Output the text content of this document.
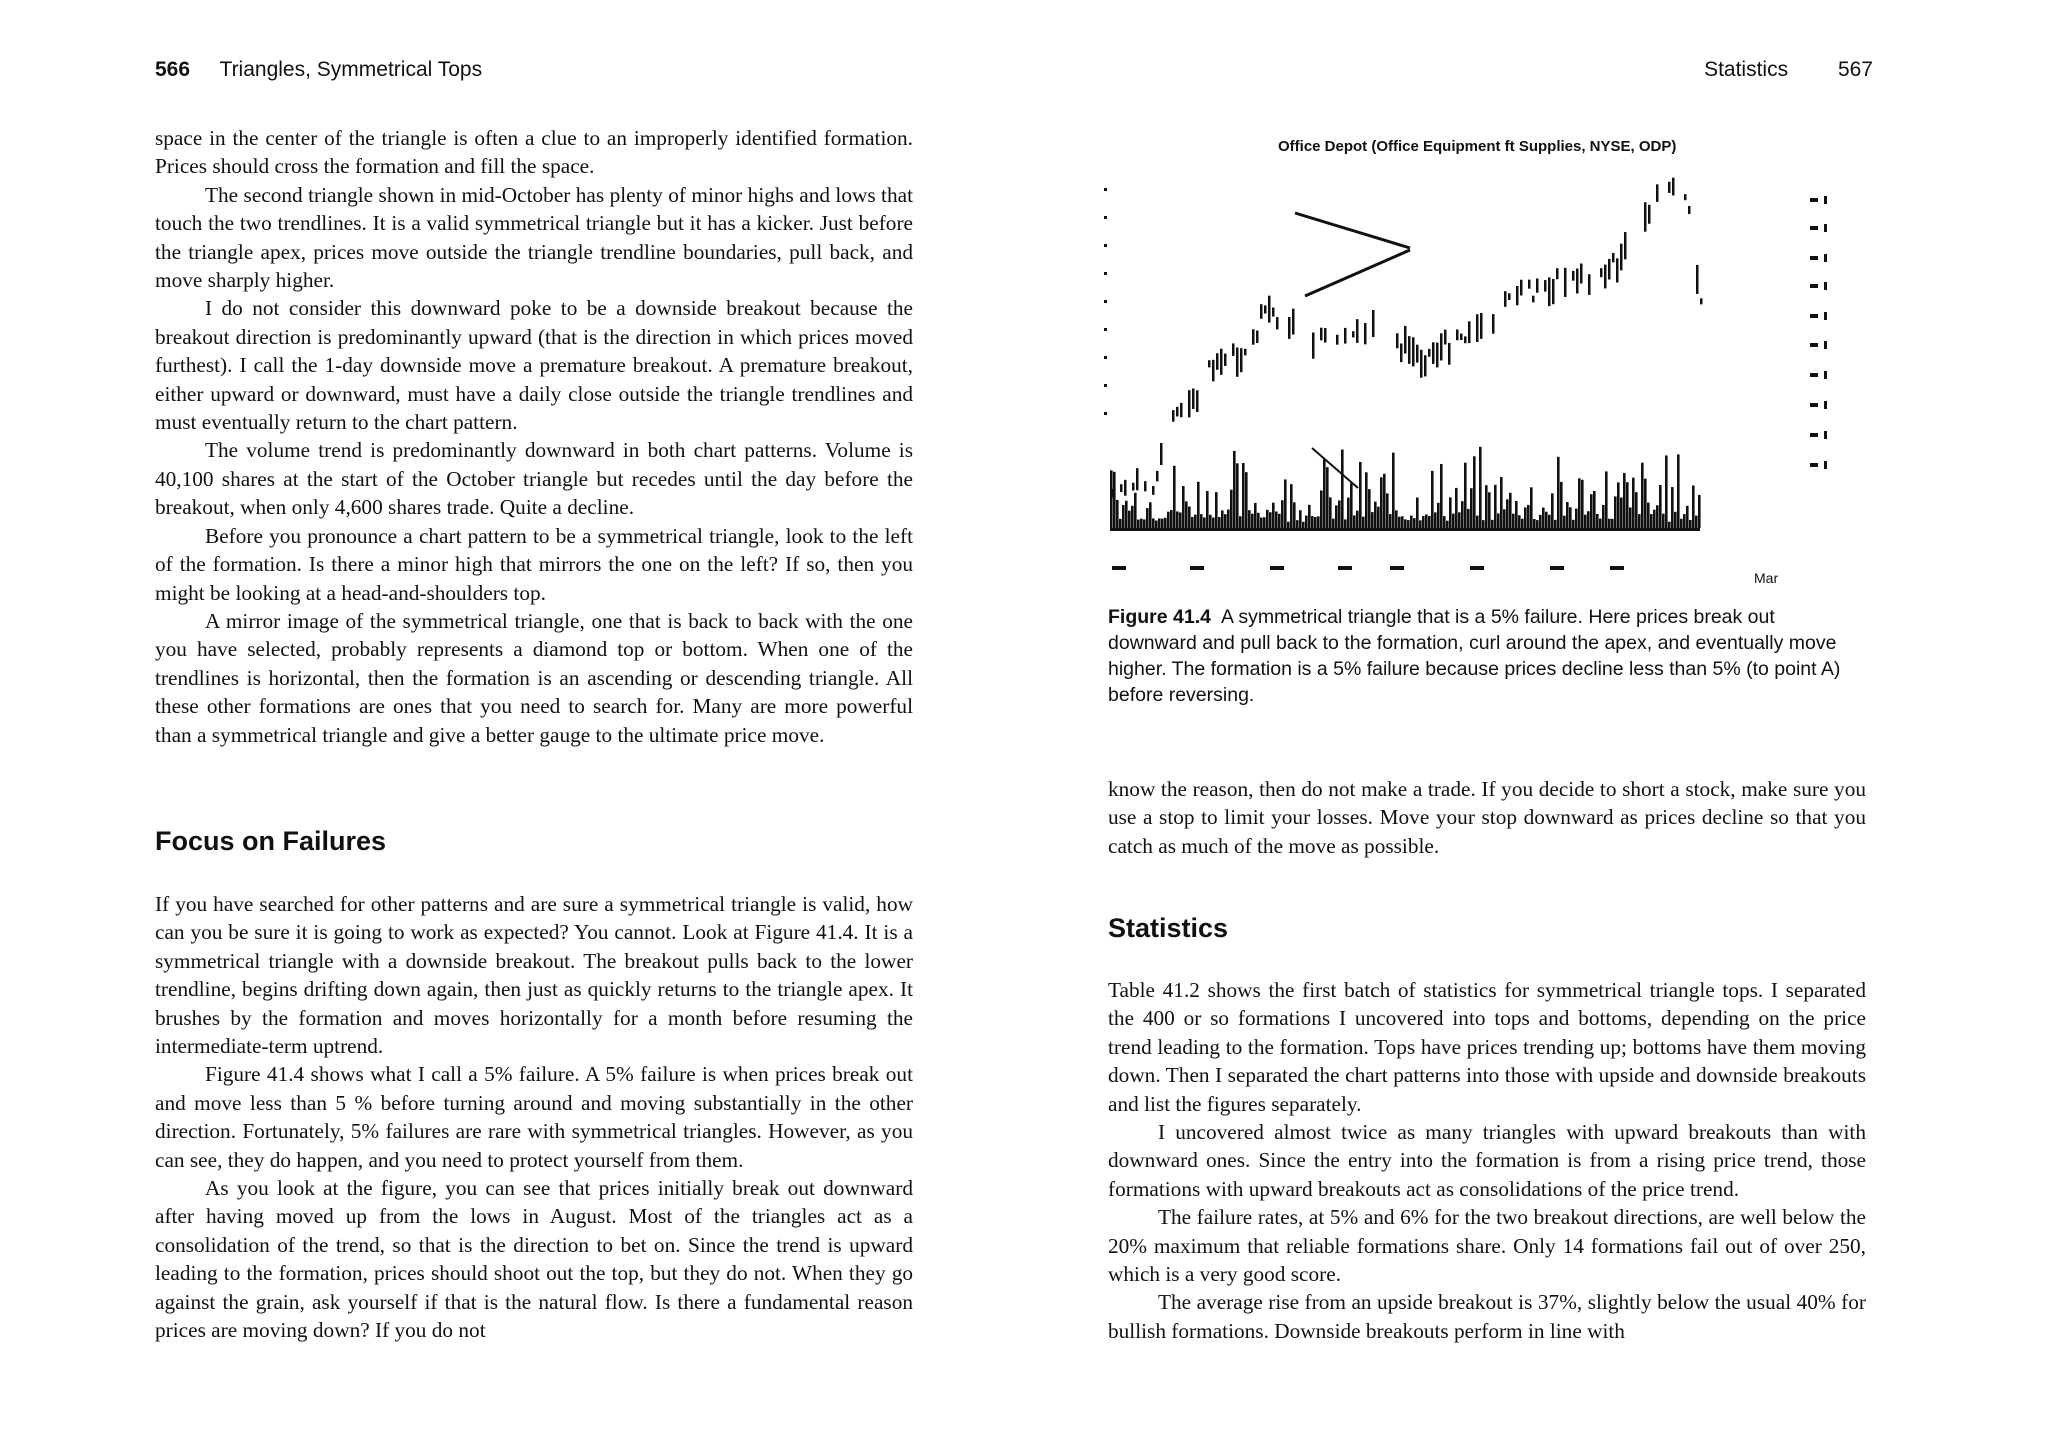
566 Triangles, Symmetrical Tops

space in the center of the triangle is often a clue to an improperly identified formation. Prices should cross the formation and fill the space.

The second triangle shown in mid-October has plenty of minor highs and lows that touch the two trendlines. It is a valid symmetrical triangle but it has a kicker. Just before the triangle apex, prices move outside the triangle trendline boundaries, pull back, and move sharply higher.

I do not consider this downward poke to be a downside breakout because the breakout direction is predominantly upward (that is the direction in which prices moved furthest). I call the 1-day downside move a premature breakout. A premature breakout, either upward or downward, must have a daily close outside the triangle trendlines and must eventually return to the chart pattern.

The volume trend is predominantly downward in both chart patterns. Volume is 40,100 shares at the start of the October triangle but recedes until the day before the breakout, when only 4,600 shares trade. Quite a decline.

Before you pronounce a chart pattern to be a symmetrical triangle, look to the left of the formation. Is there a minor high that mirrors the one on the left? If so, then you might be looking at a head-and-shoulders top.

A mirror image of the symmetrical triangle, one that is back to back with the one you have selected, probably represents a diamond top or bottom. When one of the trendlines is horizontal, then the formation is an ascending or descending triangle. All these other formations are ones that you need to search for. Many are more powerful than a symmetrical triangle and give a better gauge to the ultimate price move.

Focus on Failures

If you have searched for other patterns and are sure a symmetrical triangle is valid, how can you be sure it is going to work as expected? You cannot. Look at Figure 41.4. It is a symmetrical triangle with a downside breakout. The breakout pulls back to the lower trendline, begins drifting down again, then just as quickly returns to the triangle apex. It brushes by the formation and moves horizontally for a month before resuming the intermediate-term uptrend.

Figure 41.4 shows what I call a 5% failure. A 5% failure is when prices break out and move less than 5 % before turning around and moving substantially in the other direction. Fortunately, 5% failures are rare with symmetrical triangles. However, as you can see, they do happen, and you need to protect yourself from them.

As you look at the figure, you can see that prices initially break out downward after having moved up from the lows in August. Most of the triangles act as a consolidation of the trend, so that is the direction to bet on. Since the trend is upward leading to the formation, prices should shoot out the top, but they do not. When they go against the grain, ask yourself if that is the natural flow. Is there a fundamental reason prices are moving down? If you do not

Statistics 567
Office Depot (Office Equipment ft Supplies, NYSE, ODP)
Mar
Figure 41.4 A symmetrical triangle that is a 5% failure. Here prices break out downward and pull back to the formation, curl around the apex, and eventually move higher. The formation is a 5% failure because prices decline less than 5% (to point A) before reversing.

know the reason, then do not make a trade. If you decide to short a stock, make sure you use a stop to limit your losses. Move your stop downward as prices decline so that you catch as much of the move as possible.

Statistics

Table 41.2 shows the first batch of statistics for symmetrical triangle tops. I separated the 400 or so formations I uncovered into tops and bottoms, depending on the price trend leading to the formation. Tops have prices trending up; bottoms have them moving down. Then I separated the chart patterns into those with upside and downside breakouts and list the figures separately.

I uncovered almost twice as many triangles with upward breakouts than with downward ones. Since the entry into the formation is from a rising price trend, those formations with upward breakouts act as consolidations of the price trend.

The failure rates, at 5% and 6% for the two breakout directions, are well below the 20% maximum that reliable formations share. Only 14 formations fail out of over 250, which is a very good score.

The average rise from an upside breakout is 37%, slightly below the usual 40% for bullish formations. Downside breakouts perform in line with
